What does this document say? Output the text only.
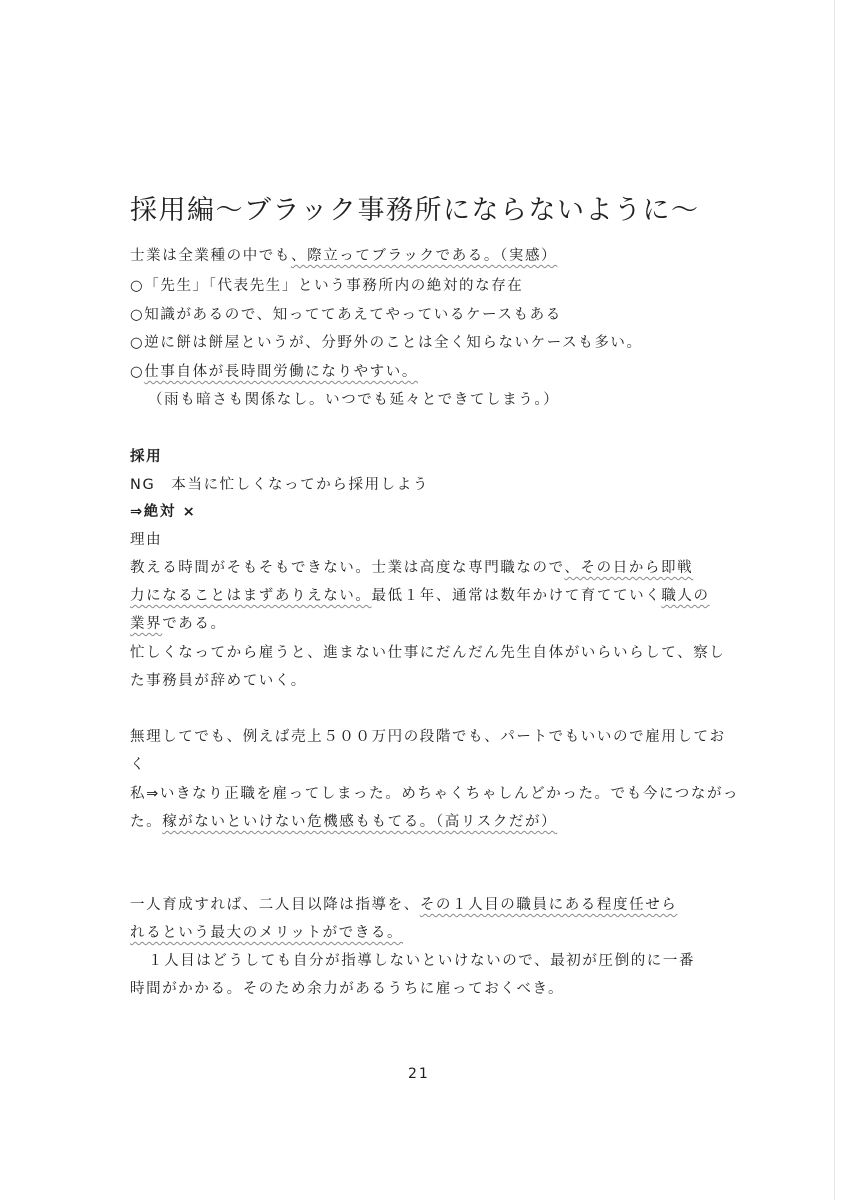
採用編～ブラック事務所にならないように～
士業は全業種の中でも、際立ってブラックである。（実感）
○「先生」「代表先生」という事務所内の絶対的な存在
○知識があるので、知っててあえてやっているケースもある
○逆に餅は餅屋というが、分野外のことは全く知らないケースも多い。
○仕事自体が長時間労働になりやすい。
（雨も暗さも関係なし。いつでも延々とできてしまう。）
採用
NG　本当に忙しくなってから採用しよう
⇒絶対 ×
理由
教える時間がそもそもできない。士業は高度な専門職なので、その日から即戦
力になることはまずありえない。最低１年、通常は数年かけて育てていく職人の
業界である。
忙しくなってから雇うと、進まない仕事にだんだん先生自体がいらいらして、察し
た事務員が辞めていく。
無理してでも、例えば売上５００万円の段階でも、パートでもいいので雇用してお
く
私⇒いきなり正職を雇ってしまった。めちゃくちゃしんどかった。でも今につながっ
た。稼がないといけない危機感ももてる。（高リスクだが）
一人育成すれば、二人目以降は指導を、その１人目の職員にある程度任せら
れるという最大のメリットができる。
１人目はどうしても自分が指導しないといけないので、最初が圧倒的に一番
時間がかかる。そのため余力があるうちに雇っておくべき。
21
